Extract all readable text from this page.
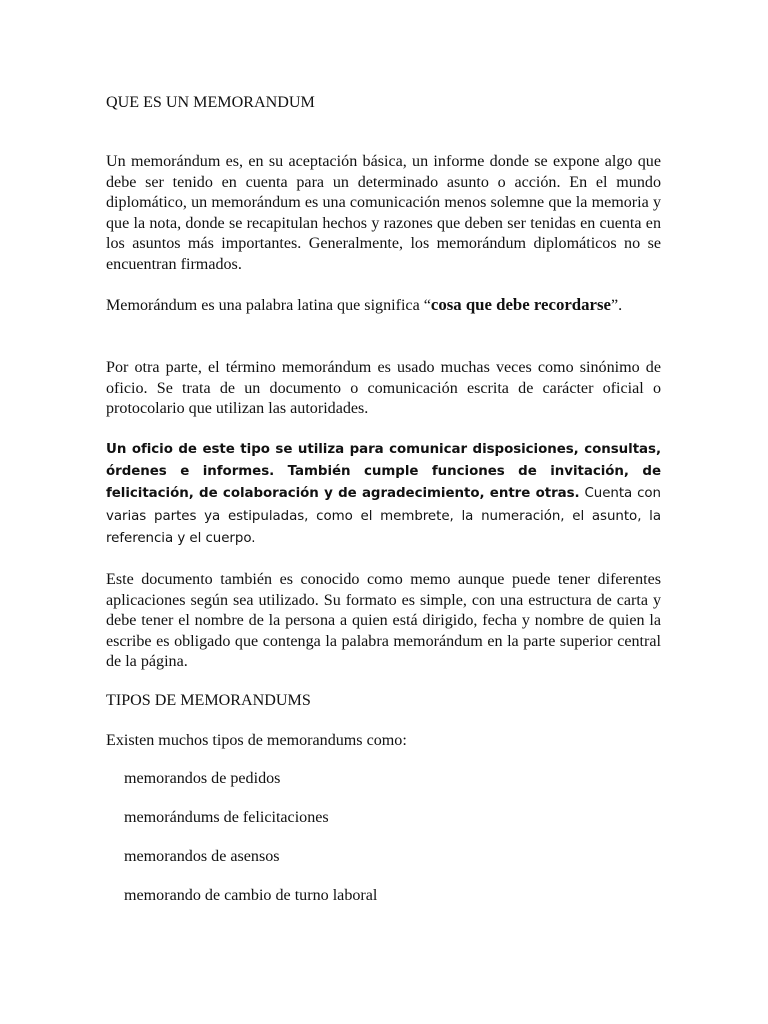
QUE ES UN MEMORANDUM

Un memorándum es, en su aceptación básica, un informe donde se expone algo que debe ser tenido en cuenta para un determinado asunto o acción. En el mundo diplomático, un memorándum es una comunicación menos solemne que la memoria y que la nota, donde se recapitulan hechos y razones que deben ser tenidas en cuenta en los asuntos más importantes. Generalmente, los memorándum diplomáticos no se encuentran firmados.

Memorándum es una palabra latina que significa “cosa que debe recordarse”.

Por otra parte, el término memorándum es usado muchas veces como sinónimo de oficio. Se trata de un documento o comunicación escrita de carácter oficial o protocolario que utilizan las autoridades.

Un oficio de este tipo se utiliza para comunicar disposiciones, consultas, órdenes e informes. También cumple funciones de invitación, de felicitación, de colaboración y de agradecimiento, entre otras. Cuenta con varias partes ya estipuladas, como el membrete, la numeración, el asunto, la referencia y el cuerpo.

Este documento también es conocido como memo aunque puede tener diferentes aplicaciones según sea utilizado. Su formato es simple, con una estructura de carta y debe tener el nombre de la persona a quien está dirigido, fecha y nombre de quien la escribe es obligado que contenga la palabra memorándum en la parte superior central de la página.

TIPOS DE MEMORANDUMS

Existen muchos tipos de memorandums como:

memorandos de pedidos

memorándums de felicitaciones

memorandos de asensos

memorando de cambio de turno laboral
